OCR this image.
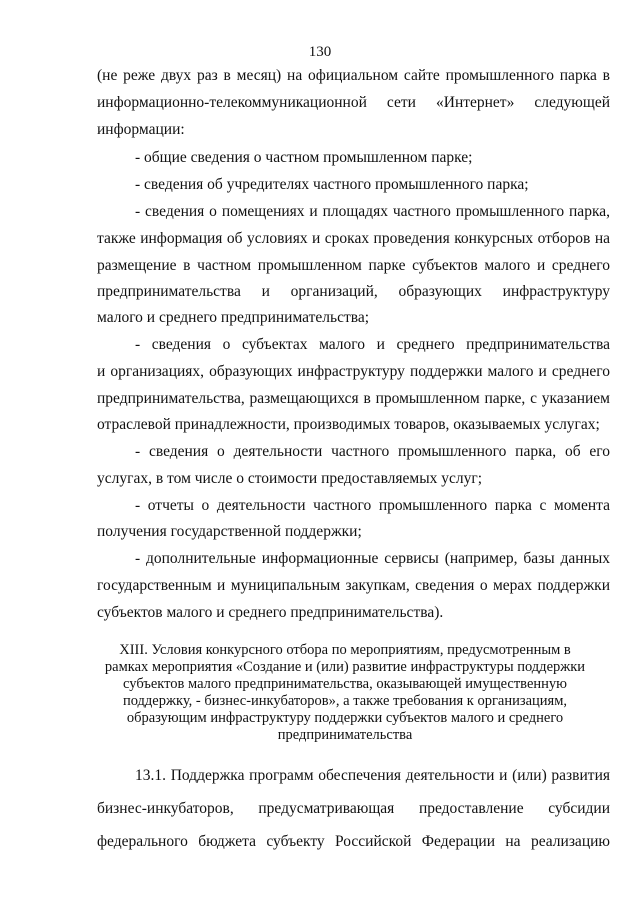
130
(не реже двух раз в месяц) на официальном сайте промышленного парка в
информационно-телекоммуникационной сети «Интернет» следующей
информации:
- общие сведения о частном промышленном парке;
- сведения об учредителях частного промышленного парка;
- сведения о помещениях и площадях частного промышленного парка,
также информация об условиях и сроках проведения конкурсных отборов на
размещение в частном промышленном парке субъектов малого и среднего
предпринимательства и организаций, образующих инфраструктуру
малого и среднего предпринимательства;
- сведения о субъектах малого и среднего предпринимательства
и организациях, образующих инфраструктуру поддержки малого и среднего
предпринимательства, размещающихся в промышленном парке, с указанием
отраслевой принадлежности, производимых товаров, оказываемых услугах;
- сведения о деятельности частного промышленного парка, об его
услугах, в том числе о стоимости предоставляемых услуг;
- отчеты о деятельности частного промышленного парка с момента
получения государственной поддержки;
- дополнительные информационные сервисы (например, базы данных
государственным и муниципальным закупкам, сведения о мерах поддержки
субъектов малого и среднего предпринимательства).
XIII. Условия конкурсного отбора по мероприятиям, предусмотренным в
рамках мероприятия «Создание и (или) развитие инфраструктуры поддержки
субъектов малого предпринимательства, оказывающей имущественную
поддержку, - бизнес-инкубаторов», а также требования к организациям,
образующим инфраструктуру поддержки субъектов малого и среднего
предпринимательства
13.1. Поддержка программ обеспечения деятельности и (или) развития
бизнес-инкубаторов, предусматривающая предоставление субсидии
федерального бюджета субъекту Российской Федерации на реализацию
